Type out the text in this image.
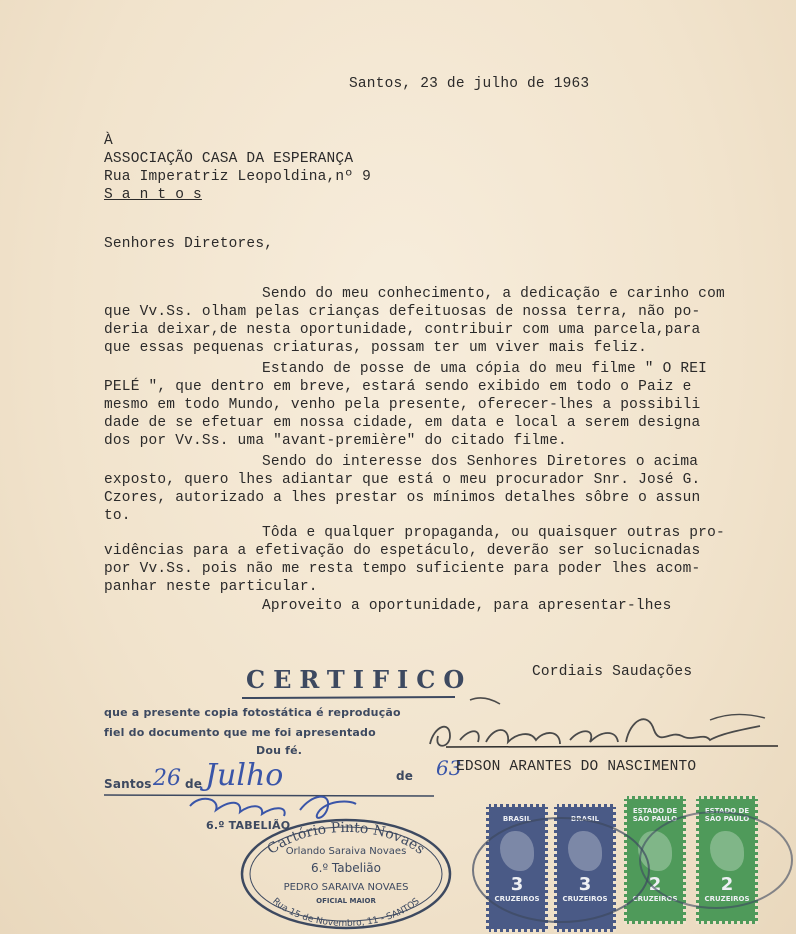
Santos, 23 de julho de 1963
À
ASSOCIAÇÃO CASA DA ESPERANÇA
Rua Imperatriz Leopoldina,nº 9
S a n t o s
Senhores Diretores,
Sendo do meu conhecimento, a dedicação e carinho com
que Vv.Ss. olham pelas crianças defeituosas de nossa terra, não po-
deria deixar,de nesta oportunidade, contribuir com uma parcela,para
que essas pequenas criaturas, possam ter um viver mais feliz.
Estando de posse de uma cópia do meu filme " O REI
PELÉ ", que dentro em breve, estará sendo exibido em todo o Paiz e
mesmo em todo Mundo, venho pela presente, oferecer-lhes a possibili
dade de se efetuar em nossa cidade, em data e local a serem designa
dos por Vv.Ss. uma "avant-première" do citado filme.
Sendo do interesse dos Senhores Diretores o acima
exposto, quero lhes adiantar que está o meu procurador Snr. José G.
Czores, autorizado a lhes prestar os mínimos detalhes sôbre o assun
to.
Tôda e qualquer propaganda, ou quaisquer outras pro-
vidências para a efetivação do espetáculo, deverão ser solucicnadas
por Vv.Ss. pois não me resta tempo suficiente para poder lhes acom-
panhar neste particular.
Aproveito a oportunidade, para apresentar-lhes
Cordiais Saudações
CERTIFICO
que a presente copia fotostática é reprodução
fiel do documento que me foi apresentado
Dou fé.
Santos 26 de Julho	de 63
EDSON ARANTES DO NASCIMENTO
6.º TABELIÃO
Cartório Pinto Novaes
Rua 15 de Novembro, 11 - SANTOS
Orlando Saraiva Novaes
6.º Tabelião
PEDRO SARAIVA NOVAES
OFICIAL MAIOR
BRASIL
3
CRUZEIROS
BRASIL
3
CRUZEIROS
ESTADO DE SÃO PAULO
2
CRUZEIROS
ESTADO DE SÃO PAULO
2
CRUZEIROS
